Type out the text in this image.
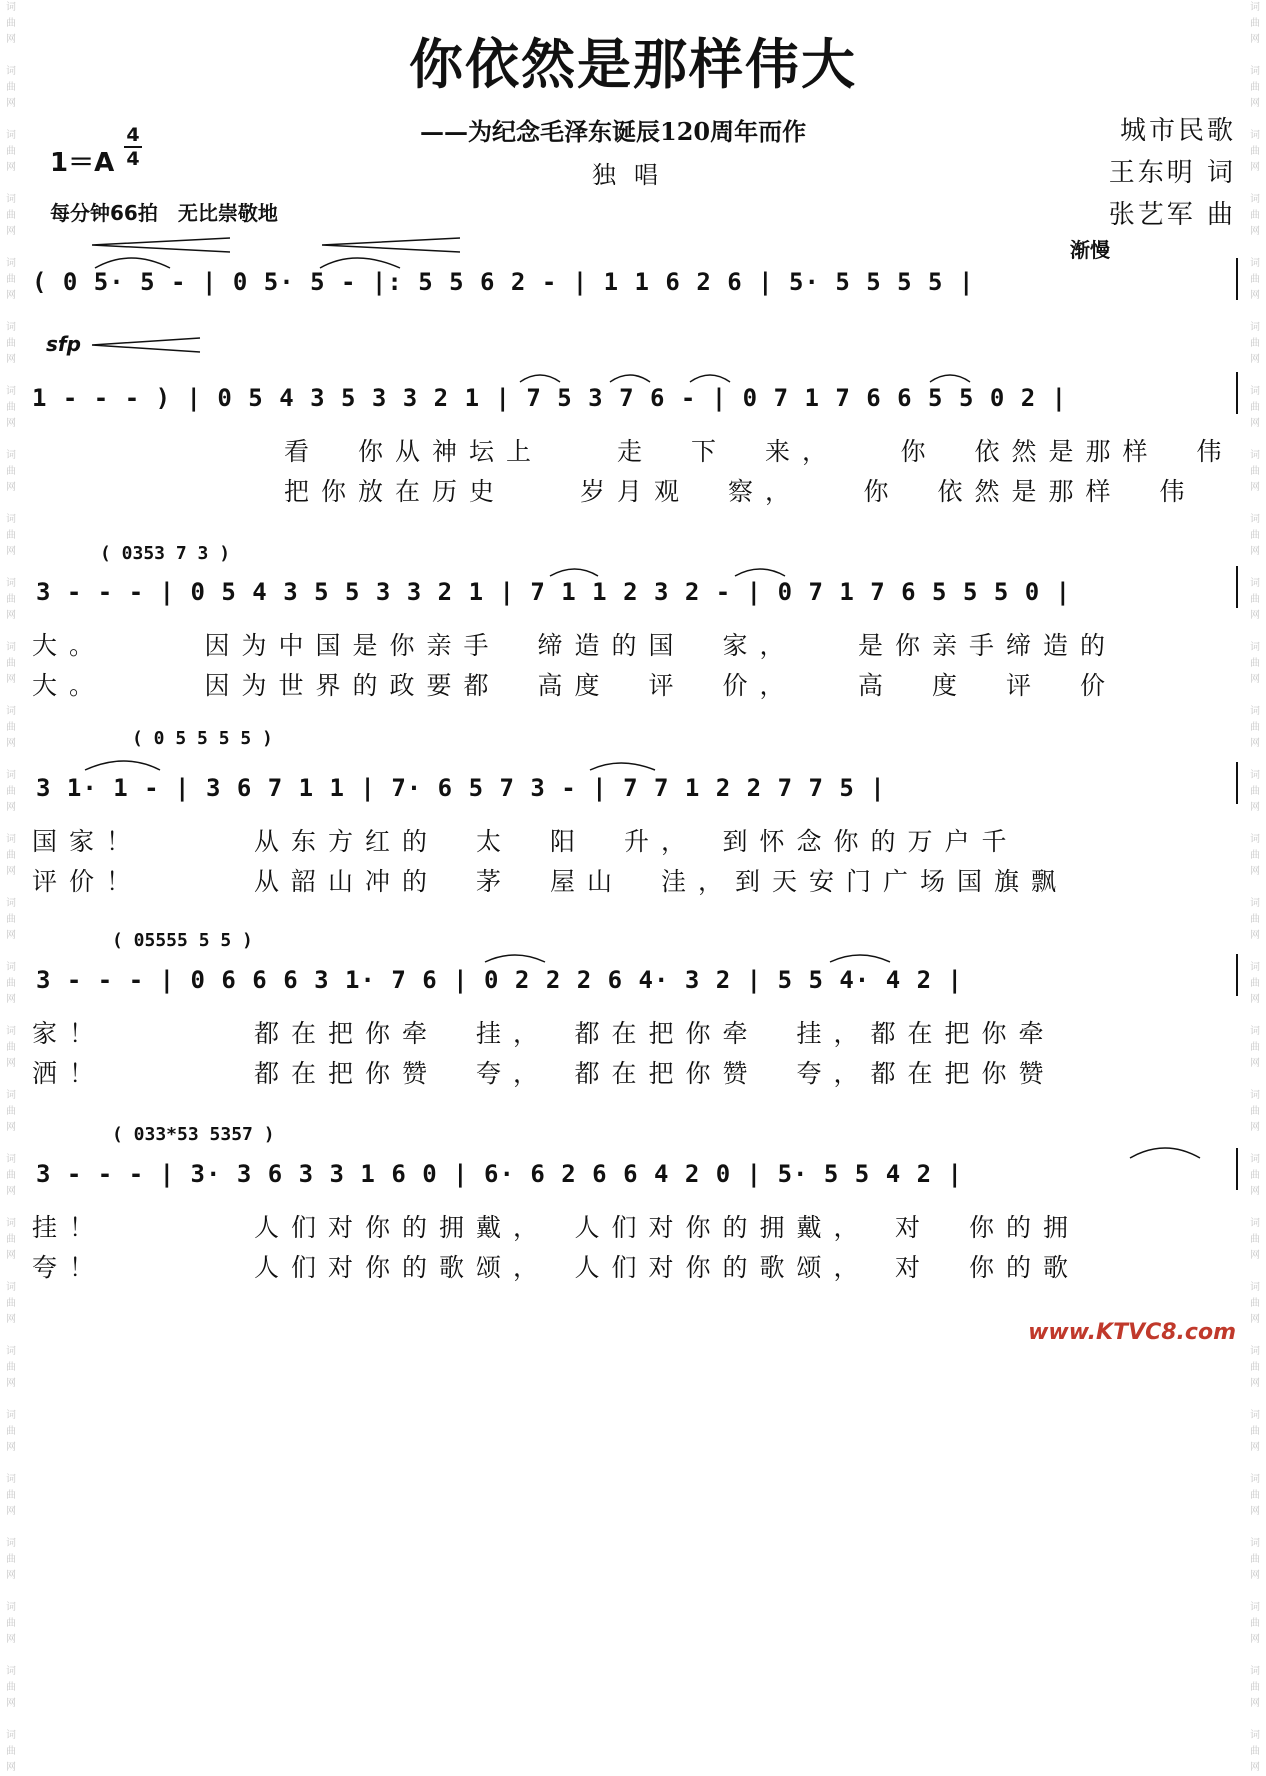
词
曲
网

词
曲
网

词
曲
网

词
曲
网

词
曲
网

词
曲
网

词
曲
网

词
曲
网

词
曲
网

词
曲
网

词
曲
网

词
曲
网

词
曲
网

词
曲
网

词
曲
网

词
曲
网

词
曲
网

词
曲
网

词
曲
网

词
曲
网

词
曲
网

词
曲
网

词
曲
网

词
曲
网

词
曲
网

词
曲
网

词
曲
网

词
曲
网

词
曲
网

词
曲
网

词
曲
网

词
曲
网

词
曲
网

词
曲
网

词
曲
网

词
曲
网

词
曲
网

词
曲
网

词
曲
网

词
曲
网

词
曲
网

词
曲
网

词
曲
网

词
曲
网

词
曲
网

词
曲
网

词
曲
网

词
曲
网

词
曲
网

词
曲
网

词
曲
网

词
曲
网

词
曲
网

词
曲
网

词
曲
网

词
曲
网

你依然是那样伟大
——为纪念毛泽东诞辰120周年而作
独唱
城市民歌
王东明 词
张艺军 曲
1＝A
4
4
每分钟66拍　无比崇敬地
( 0 5· 5 - | 0 5· 5 - |: 5 5 6 2 - | 1 1 6 2 6 | 5· 5 5 5 5 |
渐慢
sfp
1 - - - ) | 0 5 4 3 5 3 3 2 1 | 7 5 3 7 6 - | 0 7 1 7 6 6 5 5 0 2 |
看　你从神坛上　　走　下　来，　　你　依然是那样　伟
把你放在历史　　岁月观　察，　　你　依然是那样　伟
( 0353 7 3 )
3 - - - | 0 5 4 3 5 5 3 3 2 1 | 7 1 1 2 3 2 - | 0 7 1 7 6 5 5 5 0 |
大。　　　因为中国是你亲手　缔造的国　家，　　是你亲手缔造的
大。　　　因为世界的政要都　高度　评　价，　　高　度　评　价
( 0 5 5 5 5 )
3 1· 1 - | 3 6 7 1 1 | 7· 6 5 7 3 - | 7 7 1 2 2 7 7 5 |
国家！　　　从东方红的　太　阳　升，　到怀念你的万户千
评价！　　　从韶山冲的　茅　屋山　洼，到天安门广场国旗飘
( 05555 5 5 )
3 - - - | 0 6 6 6 3 1· 7 6 | 0 2 2 2 6 4· 3 2 | 5 5 4· 4 2 |
家！　　　　都在把你牵　挂，　都在把你牵　挂，都在把你牵
洒！　　　　都在把你赞　夸，　都在把你赞　夸，都在把你赞
( 033*53 5357 )
3 - - - | 3· 3 6 3 3 1 6 0 | 6· 6 2 6 6 4 2 0 | 5· 5 5 4 2 |
挂！　　　　人们对你的拥戴，　人们对你的拥戴，　对　你的拥
夸！　　　　人们对你的歌颂，　人们对你的歌颂，　对　你的歌
www.KTVC8.com
